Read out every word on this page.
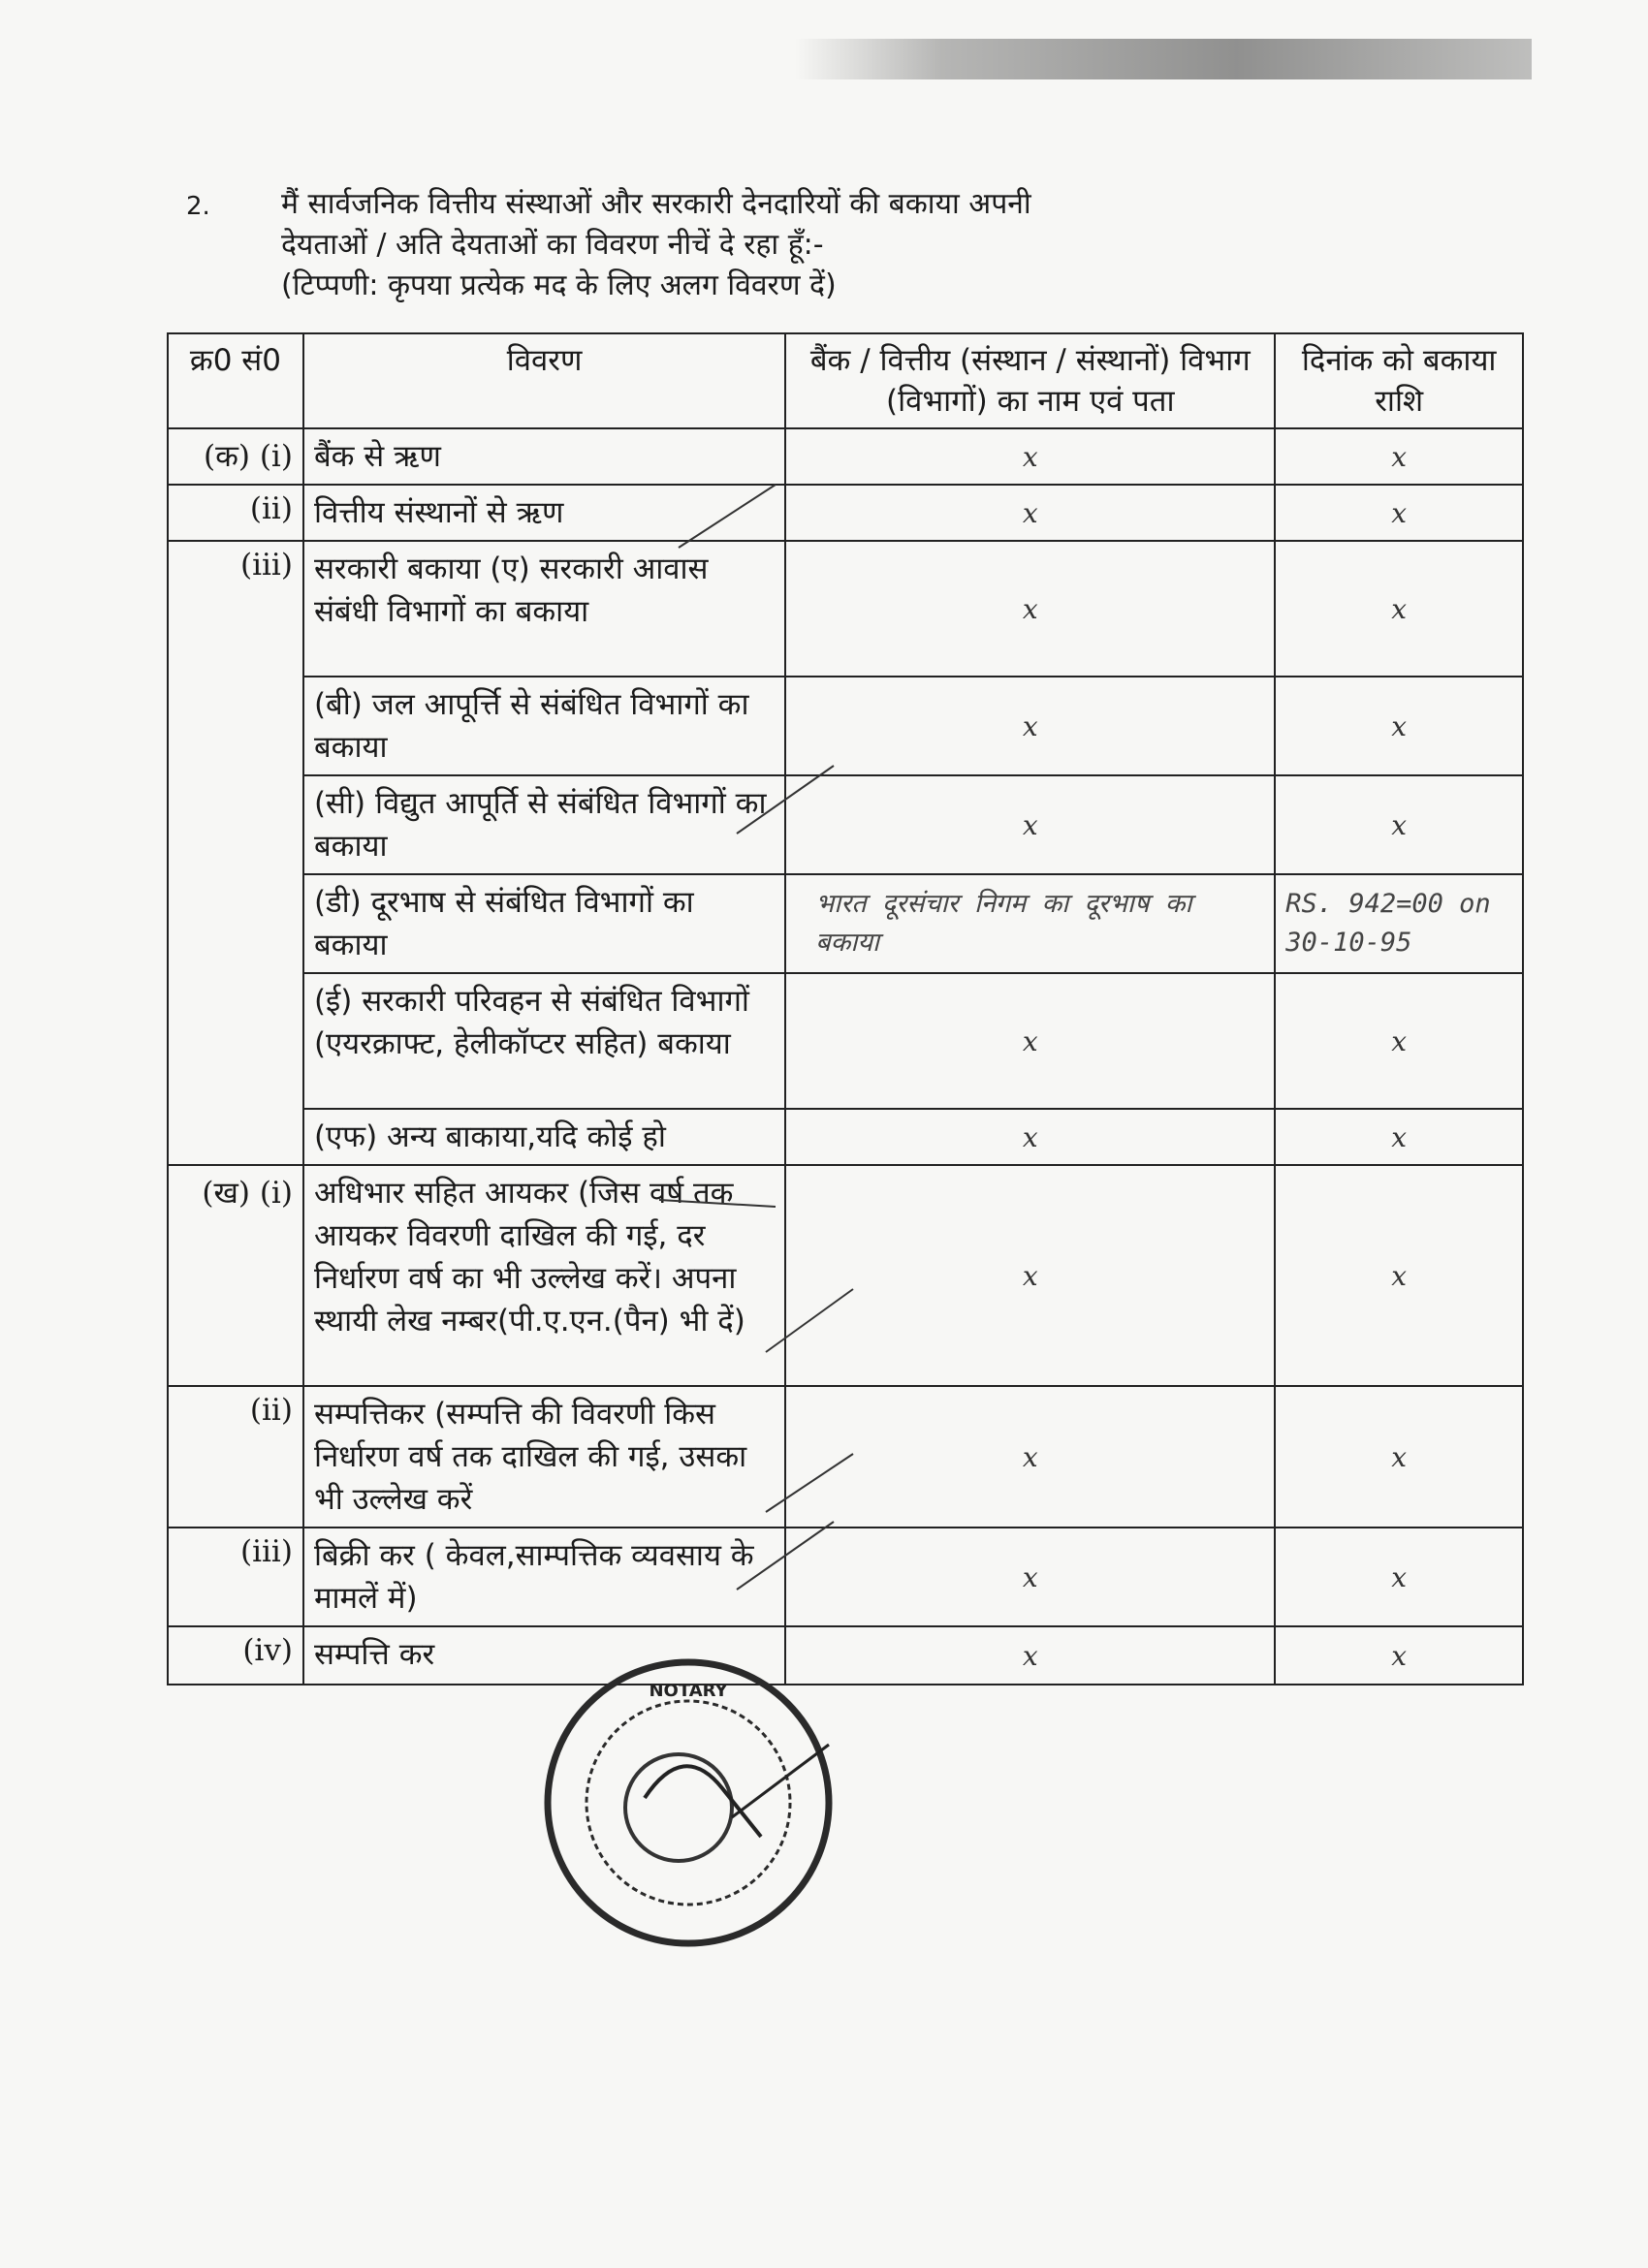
2. मैं सार्वजनिक वित्तीय संस्थाओं और सरकारी देनदारियों की बकाया अपनी
देयताओं / अति देयताओं का विवरण नीचें दे रहा हूँ:-
(टिप्पणी: कृपया प्रत्येक मद के लिए अलग विवरण दें)
क्र0 सं0	विवरण	बैंक / वित्तीय (संस्थान / संस्थानों) विभाग (विभागों) का नाम एवं पता	दिनांक को बकाया राशि
(क) (i)	बैंक से ऋण	x	x
(ii)	वित्तीय संस्थानों से ऋण	x	x
(iii)	सरकारी बकाया (ए) सरकारी आवास संबंधी विभागों का बकाया	x	x
	(बी) जल आपूर्त्ति से संबंधित विभागों का बकाया	x	x
	(सी) विद्युत आपूर्ति से संबंधित विभागों का बकाया	x	x
	(डी) दूरभाष से संबंधित विभागों का बकाया	भारत दूरसंचार निगम का दूरभाष का बकाया	RS. 942=00 on 30-10-95
	(ई) सरकारी परिवहन से संबंधित विभागों (एयरक्राफ्ट, हेलीकॉप्टर सहित) बकाया	x	x
	(एफ) अन्य बाकाया,यदि कोई हो	x	x
(ख) (i)	अधिभार सहित आयकर (जिस वर्ष तक आयकर विवरणी दाखिल की गई, दर निर्धारण वर्ष का भी उल्लेख करें। अपना स्थायी लेख नम्बर(पी.ए.एन.(पैन) भी दें)	x	x
(ii)	सम्पत्तिकर (सम्पत्ति की विवरणी किस निर्धारण वर्ष तक दाखिल की गई, उसका भी उल्लेख करें	x	x
(iii)	बिक्री कर ( केवल,साम्पत्तिक व्यवसाय के मामलें में)	x	x
(iv)	सम्पत्ति कर	x	x
NOTARY
